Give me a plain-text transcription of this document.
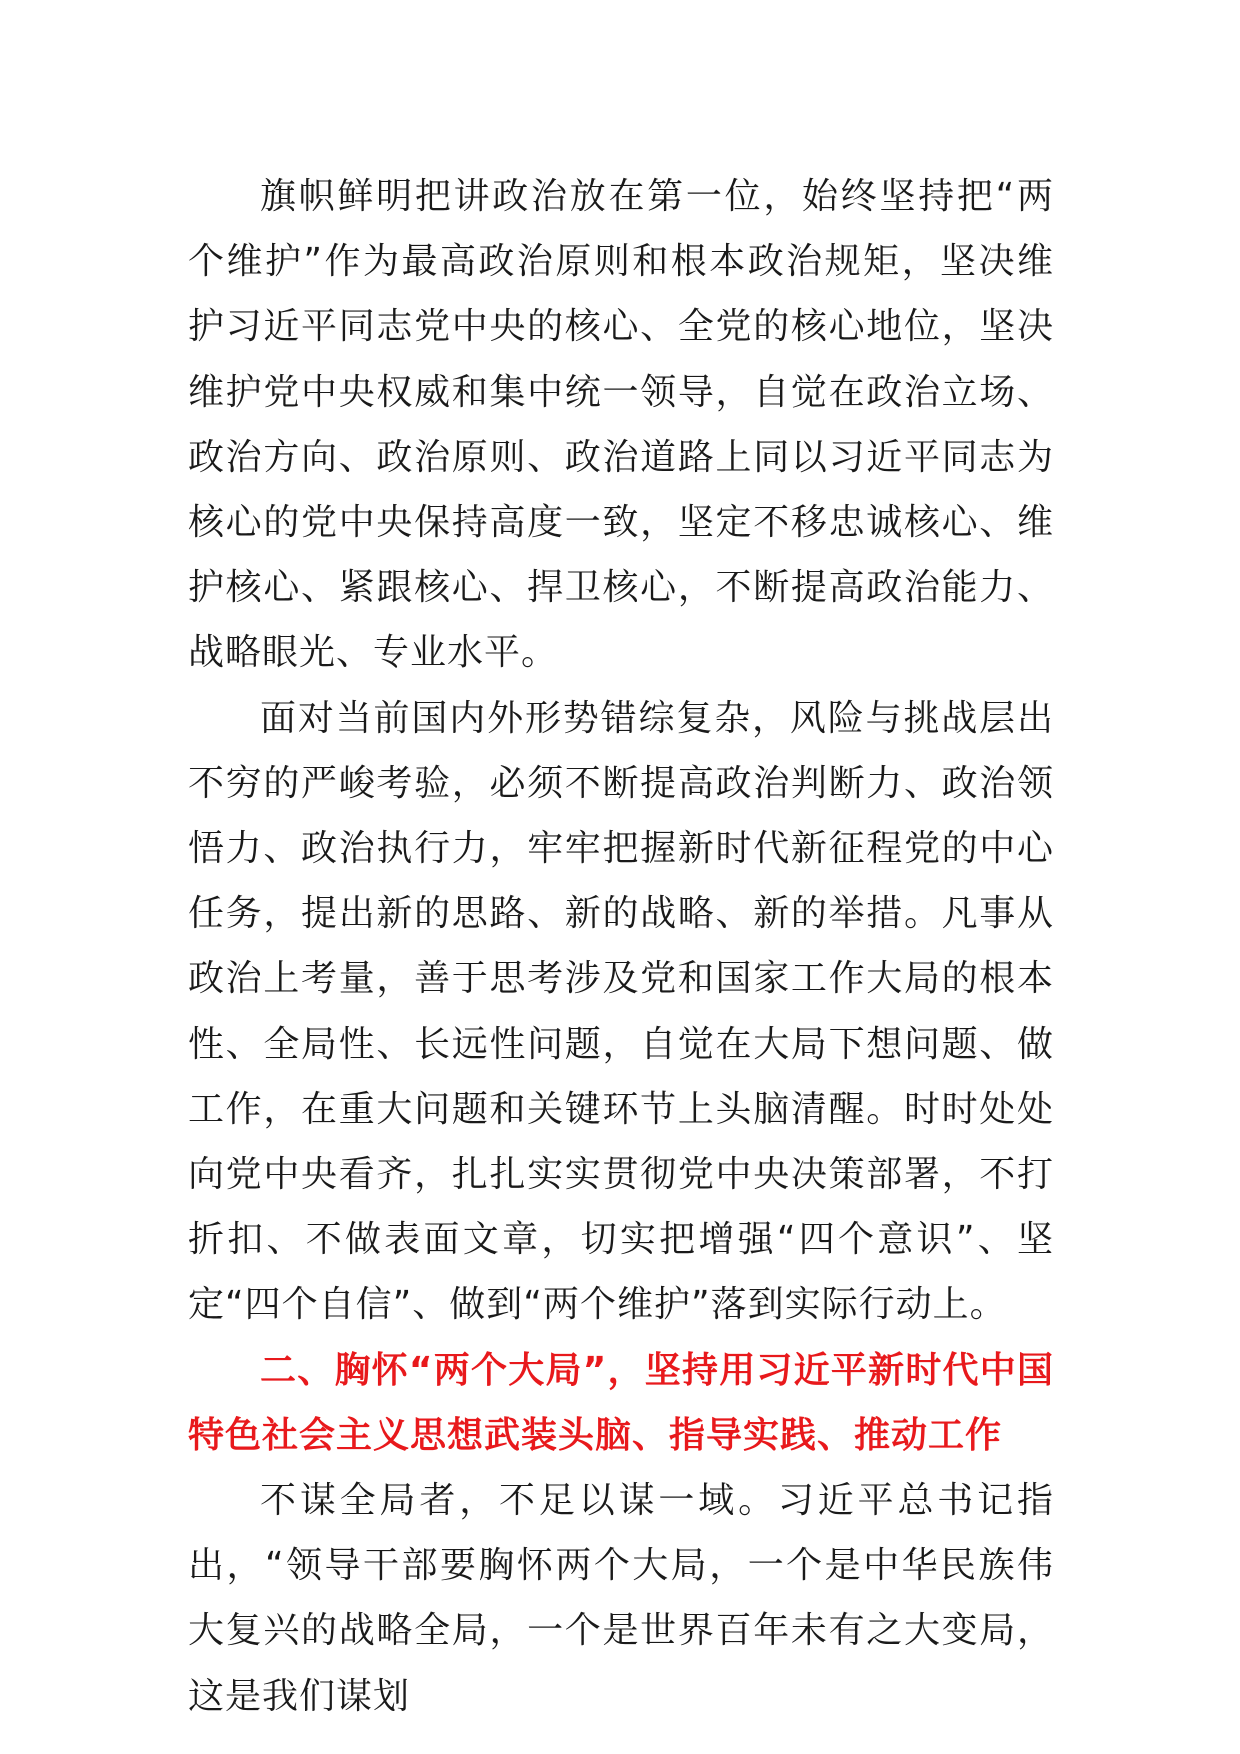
旗帜鲜明把讲政治放在第一位，始终坚持把“两个维护”作为最高政治原则和根本政治规矩，坚决维护习近平同志党中央的核心、全党的核心地位，坚决维护党中央权威和集中统一领导，自觉在政治立场、政治方向、政治原则、政治道路上同以习近平同志为核心的党中央保持高度一致，坚定不移忠诚核心、维护核心、紧跟核心、捍卫核心，不断提高政治能力、战略眼光、专业水平。

面对当前国内外形势错综复杂，风险与挑战层出不穷的严峻考验，必须不断提高政治判断力、政治领悟力、政治执行力，牢牢把握新时代新征程党的中心任务，提出新的思路、新的战略、新的举措。凡事从政治上考量，善于思考涉及党和国家工作大局的根本性、全局性、长远性问题，自觉在大局下想问题、做工作，在重大问题和关键环节上头脑清醒。时时处处向党中央看齐，扎扎实实贯彻党中央决策部署，不打折扣、不做表面文章，切实把增强“四个意识”、坚定“四个自信”、做到“两个维护”落到实际行动上。

二、胸怀“两个大局”，坚持用习近平新时代中国特色社会主义思想武装头脑、指导实践、推动工作

不谋全局者，不足以谋一域。习近平总书记指出，“领导干部要胸怀两个大局，一个是中华民族伟大复兴的战略全局，一个是世界百年未有之大变局，这是我们谋划
